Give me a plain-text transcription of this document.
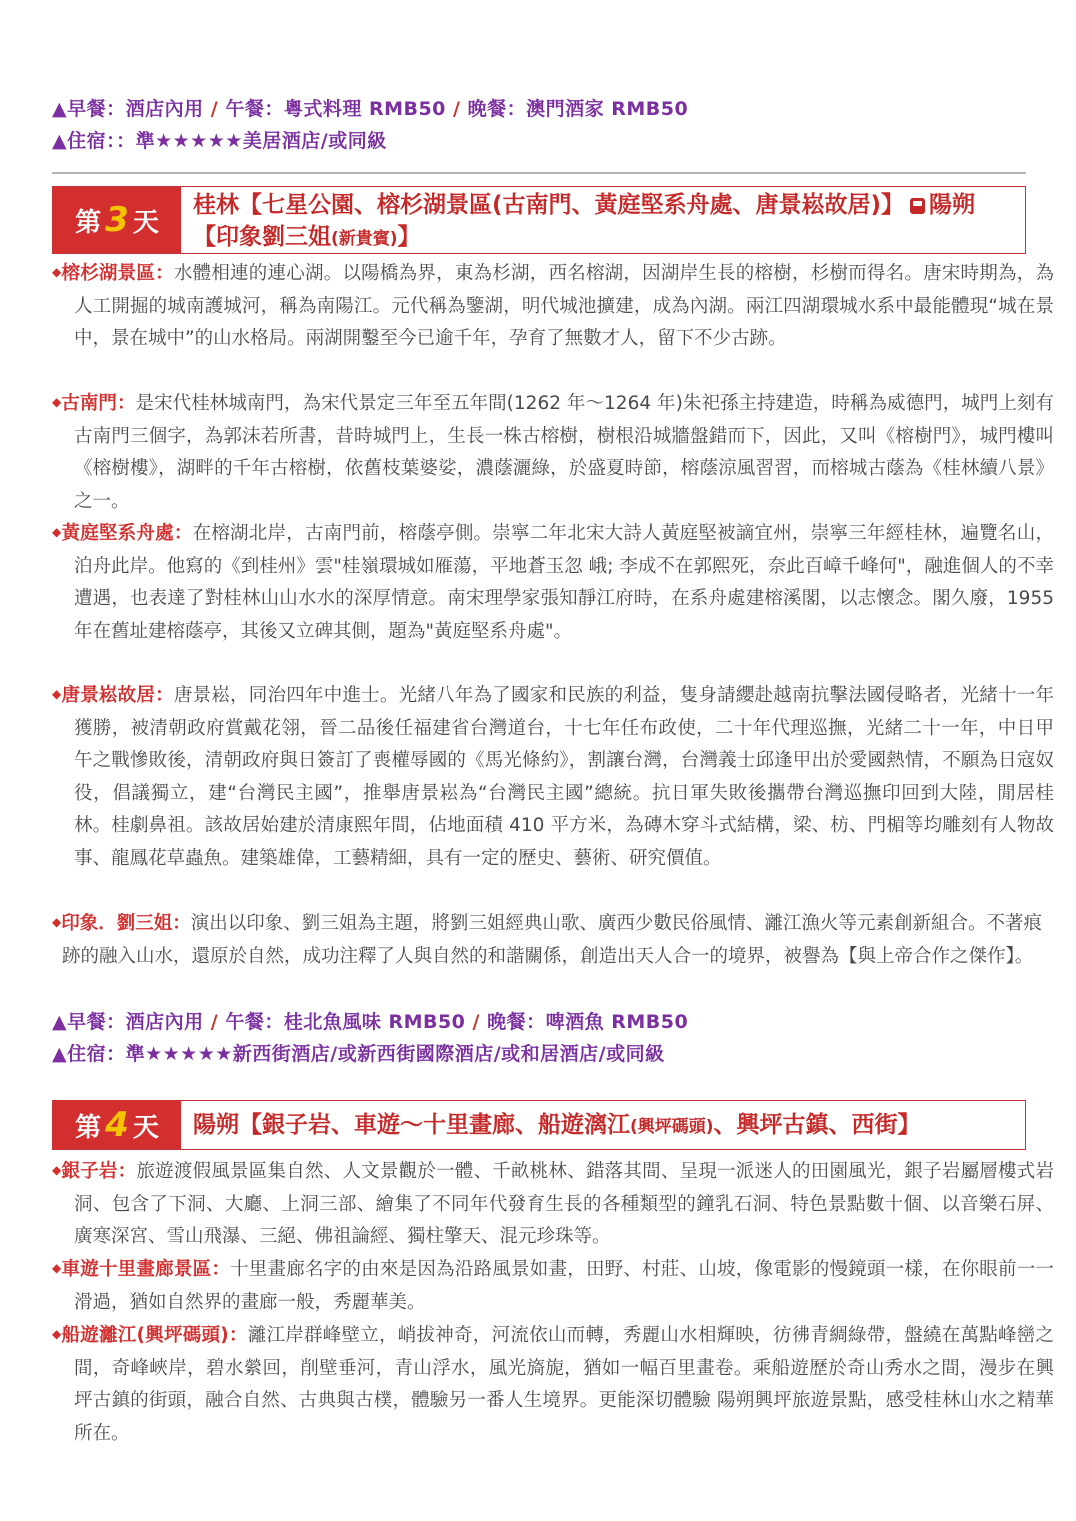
▲早餐：酒店內用 / 午餐：粵式料理 RMB50 / 晚餐：澳門酒家 RMB50
▲住宿：：準★★★★★美居酒店/或同級
第 3 天
桂林【七星公園、榕杉湖景區(古南門、黃庭堅系舟處、唐景崧故居)】 陽朔【印象劉三姐(新貴賓)】
◆榕杉湖景區：水體相連的連心湖。以陽橋為界，東為杉湖，西名榕湖，因湖岸生長的榕樹，杉樹而得名。唐宋時期為，為人工開掘的城南護城河，稱為南陽江。元代稱為鑒湖，明代城池擴建，成為內湖。兩江四湖環城水系中最能體現“城在景中，景在城中”的山水格局。兩湖開鑿至今已逾千年，孕育了無數才人，留下不少古跡。
◆古南門：是宋代桂林城南門，為宋代景定三年至五年間(1262 年～1264 年)朱祀孫主持建造，時稱為威德門，城門上刻有古南門三個字，為郭沫若所書，昔時城門上，生長一株古榕樹，樹根沿城牆盤錯而下，因此，又叫《榕樹門》，城門樓叫《榕樹樓》，湖畔的千年古榕樹，依舊枝葉婆娑，濃蔭灑綠，於盛夏時節，榕蔭涼風習習，而榕城古蔭為《桂林續八景》之一。
◆黃庭堅系舟處：在榕湖北岸，古南門前，榕蔭亭側。崇寧二年北宋大詩人黃庭堅被謫宜州，崇寧三年經桂林，遍覽名山，泊舟此岸。他寫的《到桂州》雲"桂嶺環城如雁蕩，平地蒼玉忽 峨; 李成不在郭熙死，奈此百嶂千峰何"，融進個人的不幸遭遇，也表達了對桂林山山水水的深厚情意。南宋理學家張知靜江府時，在系舟處建榕溪閣，以志懷念。閣久廢，1955 年在舊址建榕蔭亭，其後又立碑其側，題為"黃庭堅系舟處"。
◆唐景崧故居：唐景崧，同治四年中進士。光緒八年為了國家和民族的利益，隻身請纓赴越南抗擊法國侵略者，光緒十一年獲勝，被清朝政府賞戴花翎，晉二品後任福建省台灣道台，十七年任布政使，二十年代理巡撫，光緒二十一年，中日甲午之戰慘敗後，清朝政府與日簽訂了喪權辱國的《馬光條約》，割讓台灣，台灣義士邱逢甲出於愛國熱情，不願為日寇奴役，倡議獨立，建“台灣民主國”，推舉唐景崧為“台灣民主國”總統。抗日軍失敗後攜帶台灣巡撫印回到大陸，閒居桂林。桂劇鼻祖。該故居始建於清康熙年間，佔地面積 410 平方米，為磚木穿斗式結構，梁、枋、門楣等均雕刻有人物故事、龍鳳花草蟲魚。建築雄偉，工藝精細，具有一定的歷史、藝術、研究價值。
◆印象．劉三姐：演出以印象、劉三姐為主題，將劉三姐經典山歌、廣西少數民俗風情、灕江漁火等元素創新組合。不著痕跡的融入山水，還原於自然，成功注釋了人與自然的和諧關係，創造出天人合一的境界，被譽為【與上帝合作之傑作】。
▲早餐：酒店內用 / 午餐：桂北魚風味 RMB50 / 晚餐：啤酒魚 RMB50
▲住宿：準★★★★★新西街酒店/或新西街國際酒店/或和居酒店/或同級
第 4 天 陽朔【銀子岩、車遊～十里畫廊、船遊漓江(興坪碼頭)、興坪古鎮、西街】
◆銀子岩：旅遊渡假風景區集自然、人文景觀於一體、千畝桃林、錯落其間、呈現一派迷人的田園風光，銀子岩屬層樓式岩洞、包含了下洞、大廳、上洞三部、繪集了不同年代發育生長的各種類型的鐘乳石洞、特色景點數十個、以音樂石屏、廣寒深宮、雪山飛瀑、三絕、佛祖論經、獨柱擎天、混元珍珠等。
◆車遊十里畫廊景區：十里畫廊名字的由來是因為沿路風景如畫，田野、村莊、山坡，像電影的慢鏡頭一樣，在你眼前一一滑過，猶如自然界的畫廊一般，秀麗華美。
◆船遊灕江(興坪碼頭)：灕江岸群峰壁立，峭拔神奇，河流依山而轉，秀麗山水相輝映，彷彿青綢綠帶，盤繞在萬點峰巒之間，奇峰峽岸，碧水縈回，削壁垂河，青山浮水，風光旖旎，猶如一幅百里畫卷。乘船遊歷於奇山秀水之間，漫步在興坪古鎮的街頭，融合自然、古典與古樸，體驗另一番人生境界。更能深切體驗 陽朔興坪旅遊景點，感受桂林山水之精華所在。
